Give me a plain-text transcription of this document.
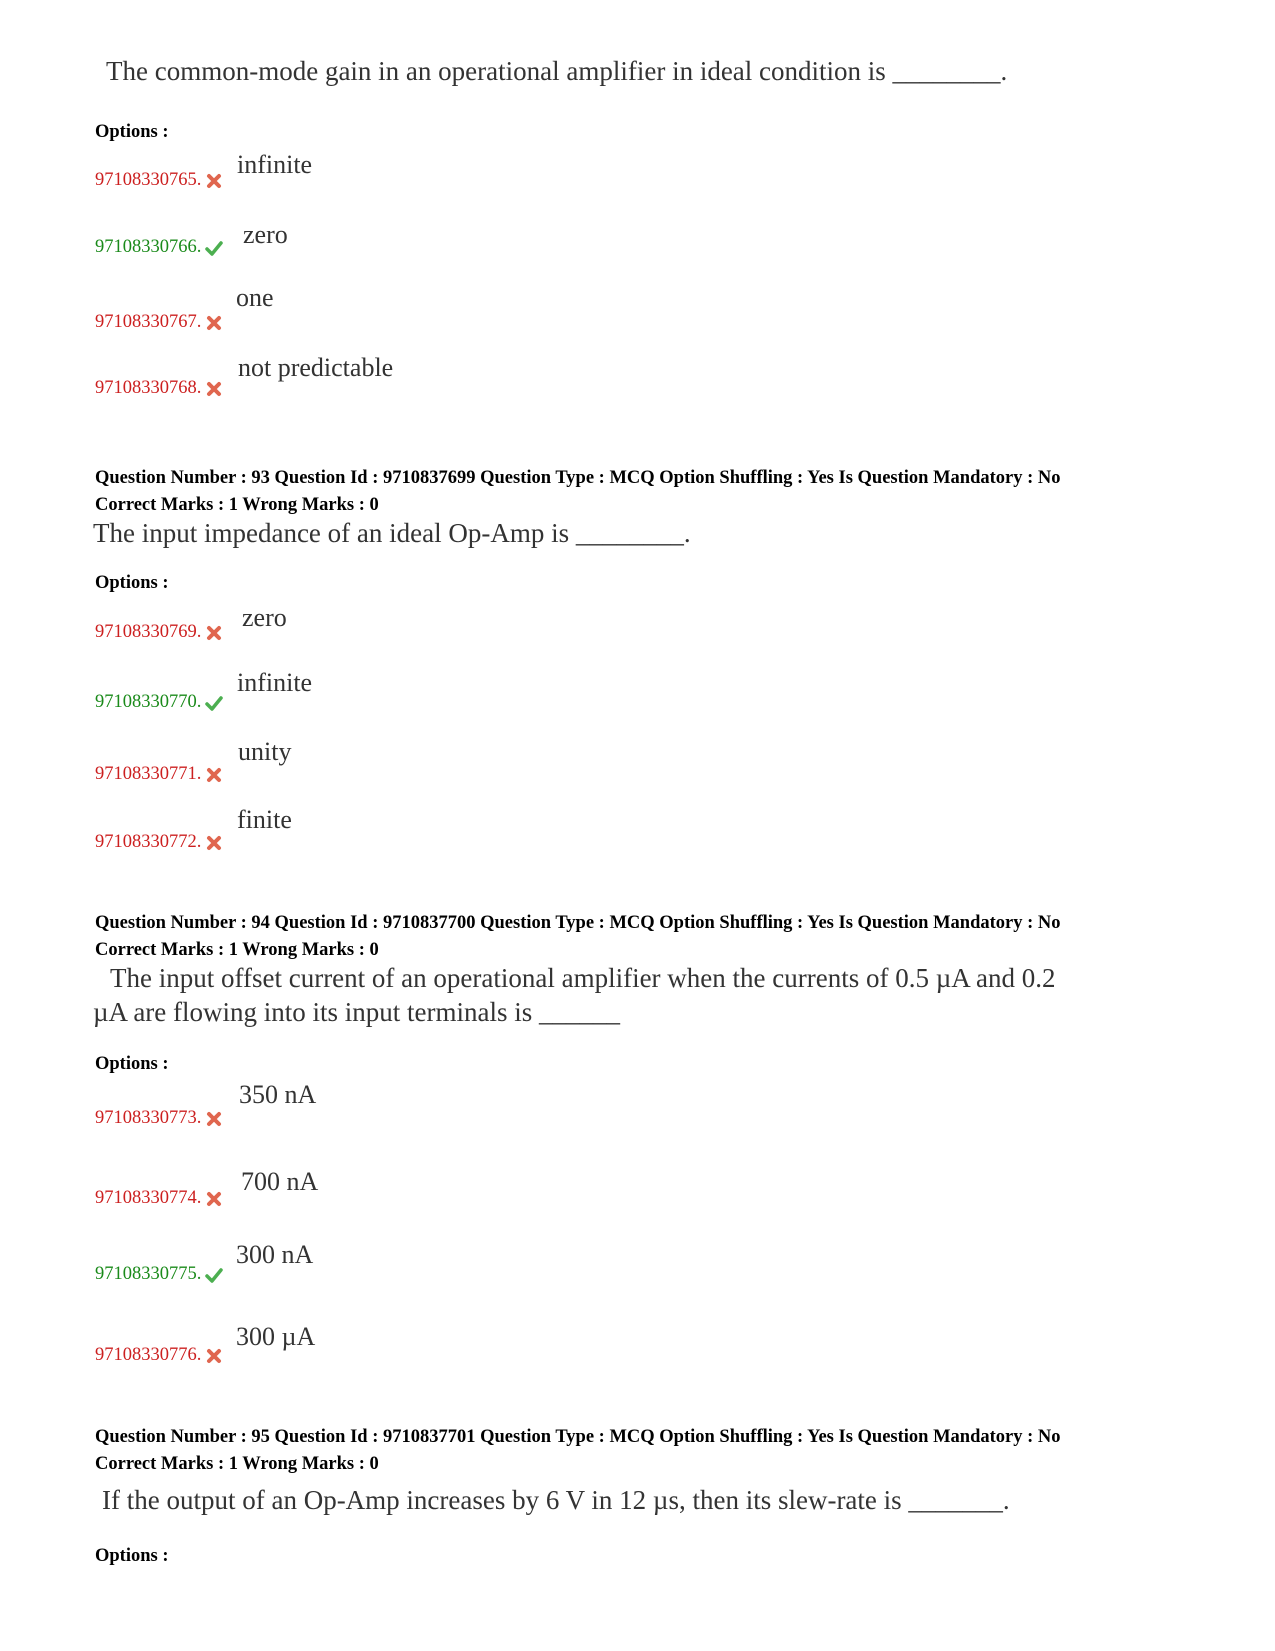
The common-mode gain in an operational amplifier in ideal condition is ________.
Options :
97108330765.
infinite
97108330766.	zero
97108330767.
one
97108330768.
not predictable
Question Number : 93 Question Id : 9710837699 Question Type : MCQ Option Shuffling : Yes Is Question Mandatory : No
Correct Marks : 1 Wrong Marks : 0
The input impedance of an ideal Op-Amp is ________.
Options :
97108330769.	zero
97108330770.
infinite
97108330771.
unity
97108330772.
finite
Question Number : 94 Question Id : 9710837700 Question Type : MCQ Option Shuffling : Yes Is Question Mandatory : No
Correct Marks : 1 Wrong Marks : 0
The input offset current of an operational amplifier when the currents of 0.5 µA and 0.2
µA are flowing into its input terminals is ______
Options :
97108330773.
350 nA
97108330774.
700 nA
97108330775.
300 nA
97108330776.
300 µA
Question Number : 95 Question Id : 9710837701 Question Type : MCQ Option Shuffling : Yes Is Question Mandatory : No
Correct Marks : 1 Wrong Marks : 0
If the output of an Op-Amp increases by 6 V in 12 µs, then its slew-rate is _______.
Options :
